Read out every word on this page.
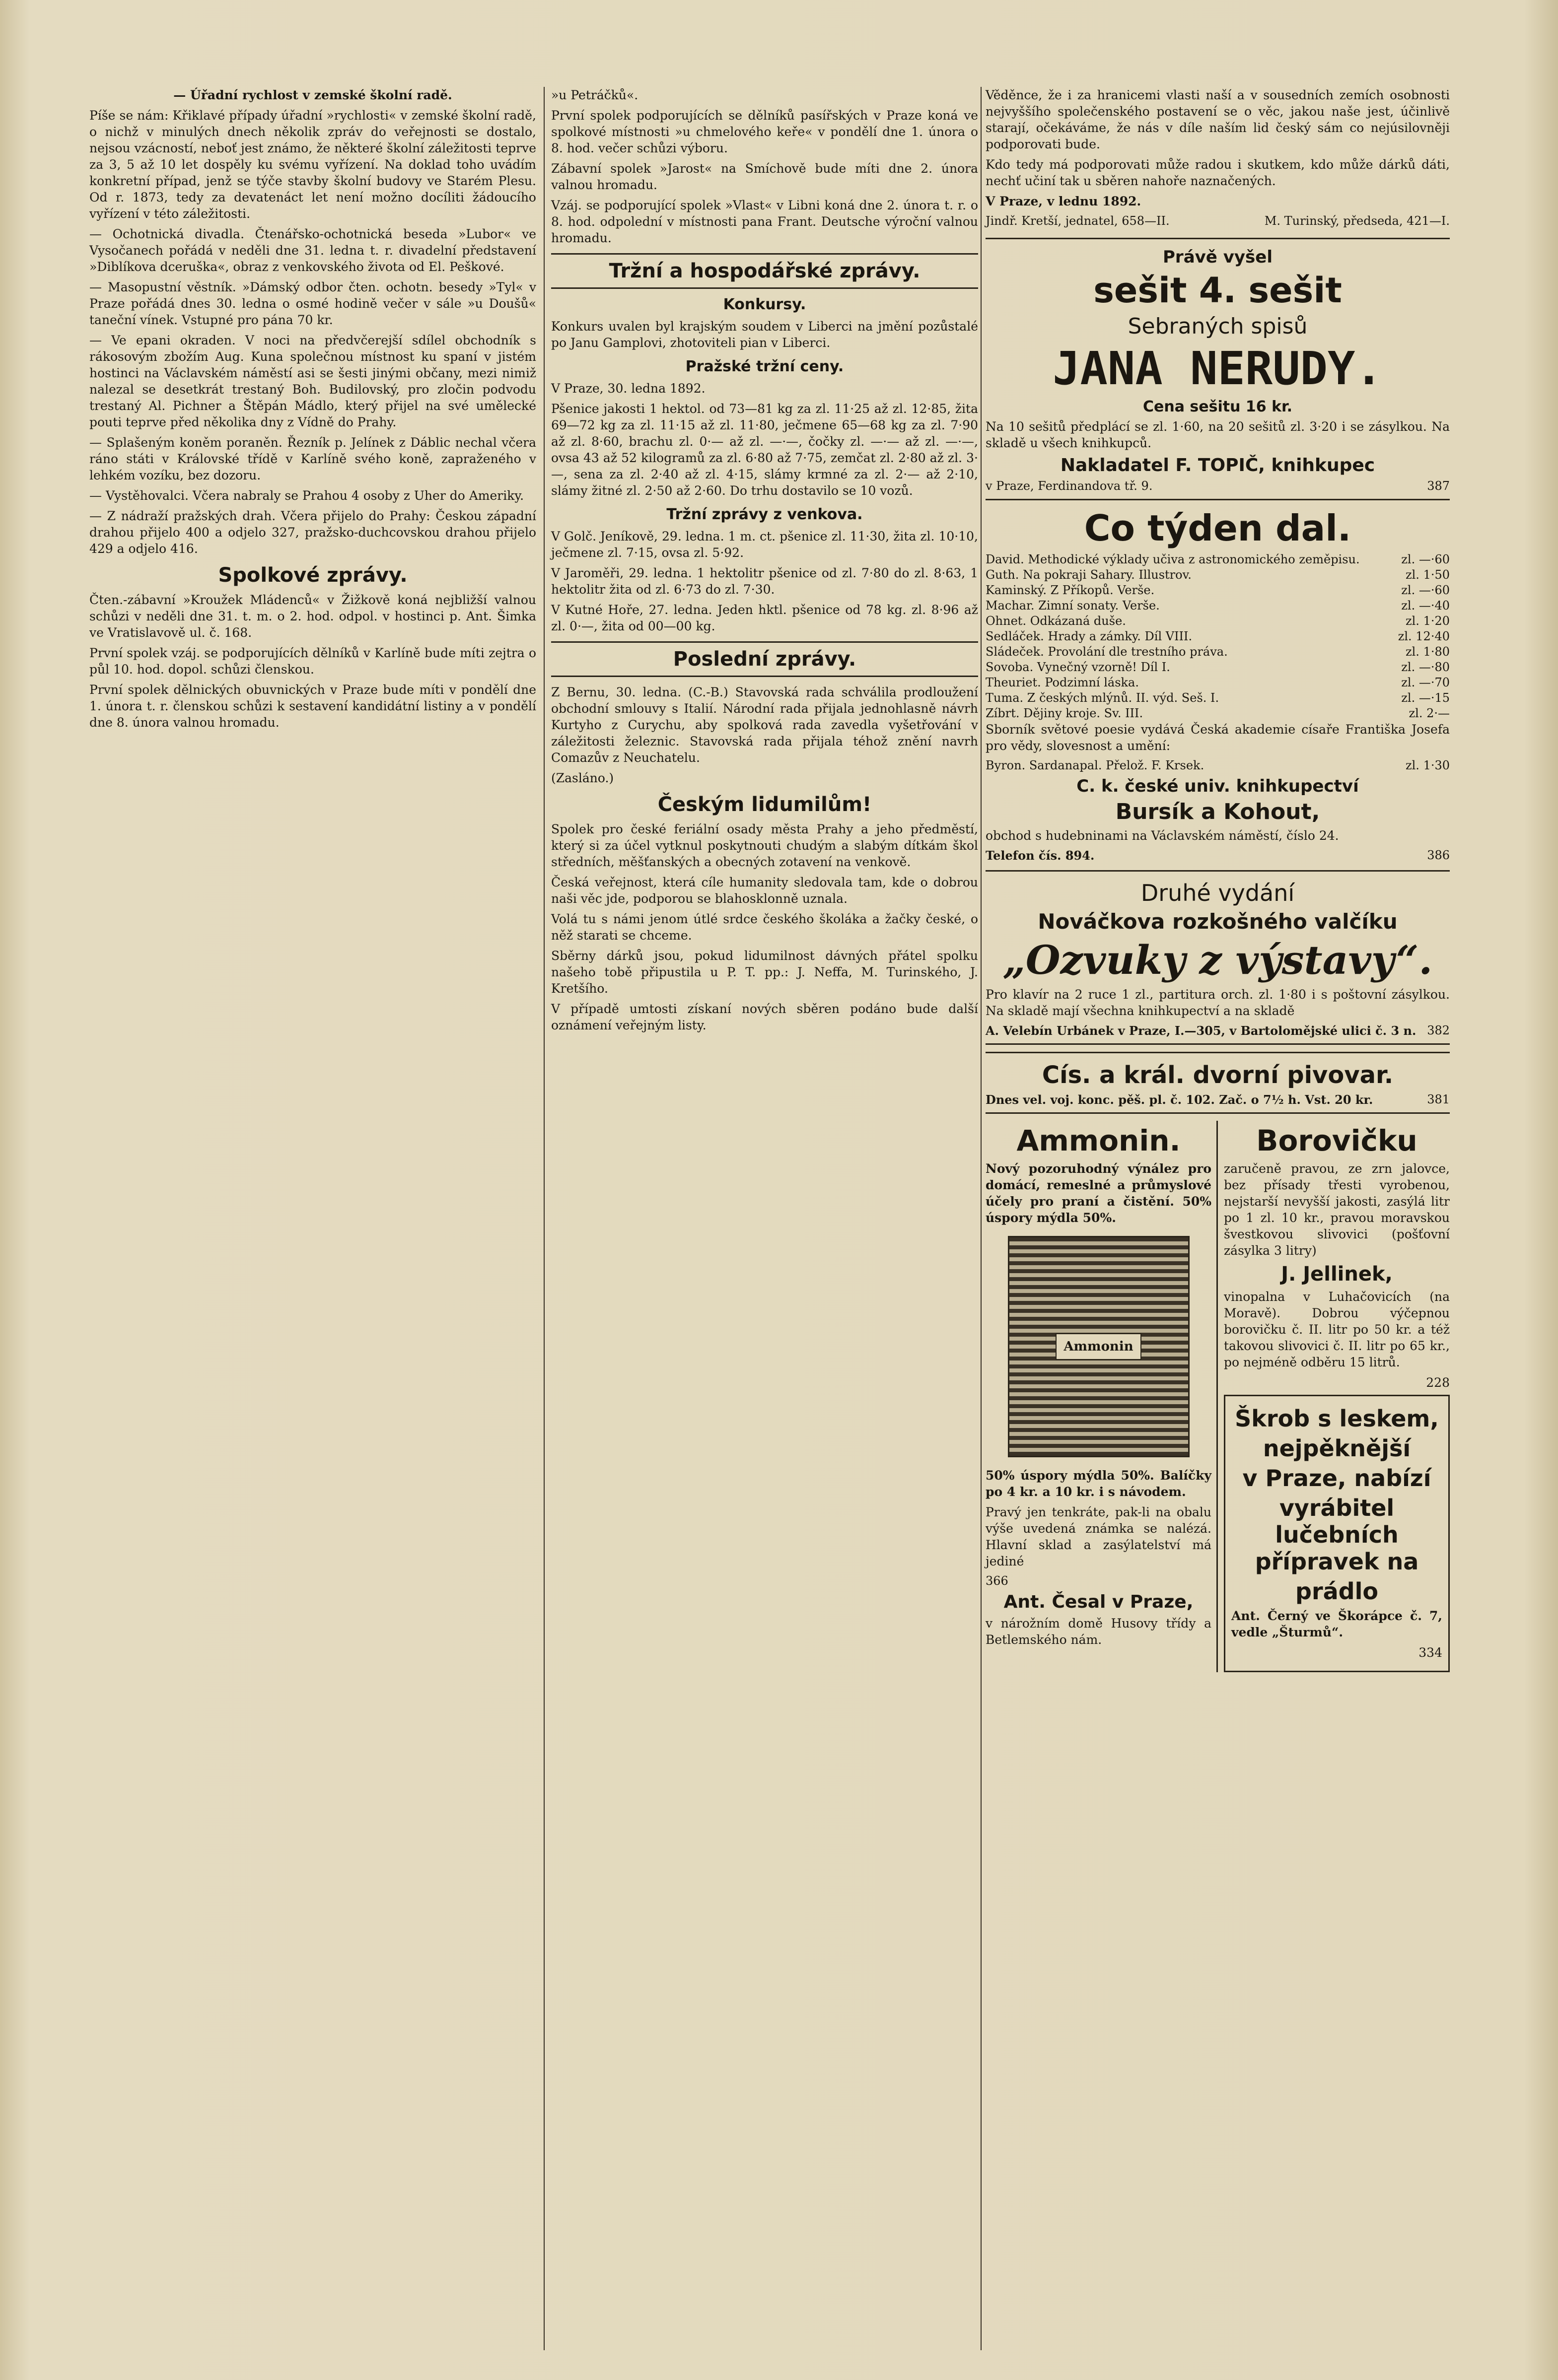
— Úřadní rychlost v zemské školní radě.

Píše se nám: Křiklavé případy úřadní »rychlosti« v zemské školní radě, o nichž v minulých dnech několik zpráv do veřejnosti se dostalo, nejsou vzácností, neboť jest známo, že některé školní záležitosti teprve za 3, 5 až 10 let dospěly ku svému vyřízení. Na doklad toho uvádím konkretní případ, jenž se týče stavby školní budovy ve Starém Plesu. Od r. 1873, tedy za devatenáct let není možno docíliti žádoucího vyřízení v této záležitosti.

— Ochotnická divadla. Čtenářsko-ochotnická beseda »Lubor« ve Vysočanech pořádá v neděli dne 31. ledna t. r. divadelní představení »Diblíkova dceruška«, obraz z venkovského života od El. Peškové.

— Masopustní věstník. »Dámský odbor čten. ochotn. besedy »Tyl« v Praze pořádá dnes 30. ledna o osmé hodině večer v sále »u Doušů« taneční vínek. Vstupné pro pána 70 kr.

— Ve epani okraden. V noci na předvčerejší sdílel obchodník s rákosovým zbožím Aug. Kuna společnou místnost ku spaní v jistém hostinci na Václavském náměstí asi se šesti jinými občany, mezi nimiž nalezal se desetkrát trestaný Boh. Budilovský, pro zločin podvodu trestaný Al. Pichner a Štěpán Mádlo, který přijel na své umělecké pouti teprve před několika dny z Vídně do Prahy.

— Splašeným koněm poraněn. Řezník p. Jelínek z Dáblic nechal včera ráno státi v Královské třídě v Karlíně svého koně, zapraženého v lehkém vozíku, bez dozoru.

— Vystěhovalci. Včera nabraly se Prahou 4 osoby z Uher do Ameriky.

— Z nádraží pražských drah. Včera přijelo do Prahy: Českou západní drahou přijelo 400 a odjelo 327, pražsko-duchcovskou drahou přijelo 429 a odjelo 416.

Spolkové zprávy.

Čten.-zábavní »Kroužek Mládenců« v Žižkově koná nejbližší valnou schůzi v neděli dne 31. t. m. o 2. hod. odpol. v hostinci p. Ant. Šimka ve Vratislavově ul. č. 168.

První spolek vzáj. se podporujících dělníků v Karlíně bude míti zejtra o půl 10. hod. dopol. schůzi členskou.

První spolek dělnických obuvnických v Praze bude míti v pondělí dne 1. února t. r. členskou schůzi k sestavení kandidátní listiny a v pondělí dne 8. února valnou hromadu.

»u Petráčků«.

První spolek podporujících se dělníků pasířských v Praze koná ve spolkové místnosti »u chmelového keře« v pondělí dne 1. února o 8. hod. večer schůzi výboru.

Zábavní spolek »Jarost« na Smíchově bude míti dne 2. února valnou hromadu.

Vzáj. se podporující spolek »Vlast« v Libni koná dne 2. února t. r. o 8. hod. odpolední v místnosti pana Frant. Deutsche výroční valnou hromadu.

Tržní a hospodářské zprávy.
Konkursy.

Konkurs uvalen byl krajským soudem v Liberci na jmění pozůstalé po Janu Gamplovi, zhotoviteli pian v Liberci.

Pražské tržní ceny.

V Praze, 30. ledna 1892.

Pšenice jakosti 1 hektol. od 73—81 kg za zl. 11·25 až zl. 12·85, žita 69—72 kg za zl. 11·15 až zl. 11·80, ječmene 65—68 kg za zl. 7·90 až zl. 8·60, brachu zl. 0·— až zl. —·—, čočky zl. —·— až zl. —·—, ovsa 43 až 52 kilogramů za zl. 6·80 až 7·75, zemčat zl. 2·80 až zl. 3·—, sena za zl. 2·40 až zl. 4·15, slámy krmné za zl. 2·— až 2·10, slámy žitné zl. 2·50 až 2·60. Do trhu dostavilo se 10 vozů.

Tržní zprávy z venkova.

V Golč. Jeníkově, 29. ledna. 1 m. ct. pšenice zl. 11·30, žita zl. 10·10, ječmene zl. 7·15, ovsa zl. 5·92.

V Jaroměři, 29. ledna. 1 hektolitr pšenice od zl. 7·80 do zl. 8·63, 1 hektolitr žita od zl. 6·73 do zl. 7·30.

V Kutné Hoře, 27. ledna. Jeden hktl. pšenice od 78 kg. zl. 8·96 až zl. 0·—, žita od 00—00 kg.

Poslední zprávy.

Z Bernu, 30. ledna. (C.-B.) Stavovská rada schválila prodloužení obchodní smlouvy s Italií. Národní rada přijala jednohlasně návrh Kurtyho z Curychu, aby spolková rada zavedla vyšetřování v záležitosti železnic. Stavovská rada přijala téhož znění navrh Comazův z Neuchatelu.

(Zasláno.)

Českým lidumilům!

Spolek pro české feriální osady města Prahy a jeho předměstí, který si za účel vytknul poskytnouti chudým a slabým dítkám škol středních, měšťanských a obecných zotavení na venkově.

Česká veřejnost, která cíle humanity sledovala tam, kde o dobrou naši věc jde, podporou se blahosklonně uznala.

Volá tu s námi jenom útlé srdce českého školáka a žačky české, o něž starati se chceme.

Sběrny dárků jsou, pokud lidumilnost dávných přátel spolku našeho tobě připustila u P. T. pp.: J. Neffa, M. Turinského, J. Kretšího.

V případě umtosti získaní nových sběren podáno bude další oznámení veřejným listy.

Věděnce, že i za hranicemi vlasti naší a v sousedních zemích osobnosti nejvyššího společenského postavení se o věc, jakou naše jest, účinlivě starají, očekáváme, že nás v díle naším lid český sám co nejúsilovněji podporovati bude.

Kdo tedy má podporovati může radou i skutkem, kdo může dárků dáti, nechť učiní tak u sběren nahoře naznačených.

V Praze, v lednu 1892.

Jindř. Kretší, jednatel, 658—II.	M. Turinský, předseda, 421—I.
Právě vyšel
sešit 4. sešit
Sebraných spisů
JANA NERUDY.
Cena sešitu 16 kr.

Na 10 sešitů předplácí se zl. 1·60, na 20 sešitů zl. 3·20 i se zásylkou. Na skladě u všech knihkupců.

Nakladatel F. TOPIČ, knihkupec
v Praze, Ferdinandova tř. 9.	387
Co týden dal.
David. Methodické výklady učiva z astronomického zeměpisu.	zl. —·60
Guth. Na pokraji Sahary. Illustrov.	zl. 1·50
Kaminský. Z Příkopů. Verše.	zl. —·60
Machar. Zimní sonaty. Verše.	zl. —·40
Ohnet. Odkázaná duše.	zl. 1·20
Sedláček. Hrady a zámky. Díl VIII.	zl. 12·40
Sládeček. Provolání dle trestního práva.	zl. 1·80
Sovoba. Vynečný vzorně! Díl I.	zl. —·80
Theuriet. Podzimní láska.	zl. —·70
Tuma. Z českých mlýnů. II. výd. Seš. I.	zl. —·15
Zíbrt. Dějiny kroje. Sv. III.	zl. 2·—

Sborník světové poesie vydává Česká akademie císaře Františka Josefa pro vědy, slovesnost a umění:

Byron. Sardanapal. Přelož. F. Krsek.	zl. 1·30
C. k. české univ. knihkupectví
Bursík a Kohout,

obchod s hudebninami na Václavském náměstí, číslo 24.

Telefon čís. 894.	386
Druhé vydání
Nováčkova rozkošného valčíku
„Ozvuky z výstavy“.

Pro klavír na 2 ruce 1 zl., partitura orch. zl. 1·80 i s poštovní zásylkou. Na skladě mají všechna knihkupectví a na skladě

A. Velebín Urbánek v Praze, I.—305, v Bartolomějské ulici č. 3 n. 382
Cís. a král. dvorní pivovar.
Dnes vel. voj. konc. pěš. pl. č. 102. Zač. o 7½ h. Vst. 20 kr.	381
Ammonin.

Nový pozoruhodný výnález pro domácí, remeslné a průmyslové účely pro praní a čistění. 50% úspory mýdla 50%.

Ammonin

50% úspory mýdla 50%. Balíčky po 4 kr. a 10 kr. i s návodem.

Pravý jen tenkráte, pak-li na obalu výše uvedená známka se nalézá. Hlavní sklad a zasýlatelství má jediné

366
Ant. Česal v Praze,

v nárožním domě Husovy třídy a Betlemského nám.

Borovičku

zaručeně pravou, ze zrn jalovce, bez přísady třesti vyrobenou, nejstarší nevyšší jakosti, zasýlá litr po 1 zl. 10 kr., pravou moravskou švestkovou slivovici (pošťovní zásylka 3 litry)

J. Jellinek,

vinopalna v Luhačovicích (na Moravě). Dobrou výčepnou borovičku č. II. litr po 50 kr. a též takovou slivovici č. II. litr po 65 kr., po nejméně odběru 15 litrů.

228

Škrob s leskem,
nejpěknější
v Praze, nabízí
vyrábitel lučebních přípravek na
prádlo

Ant. Černý ve Škorápce č. 7, vedle „Šturmů“.

334
